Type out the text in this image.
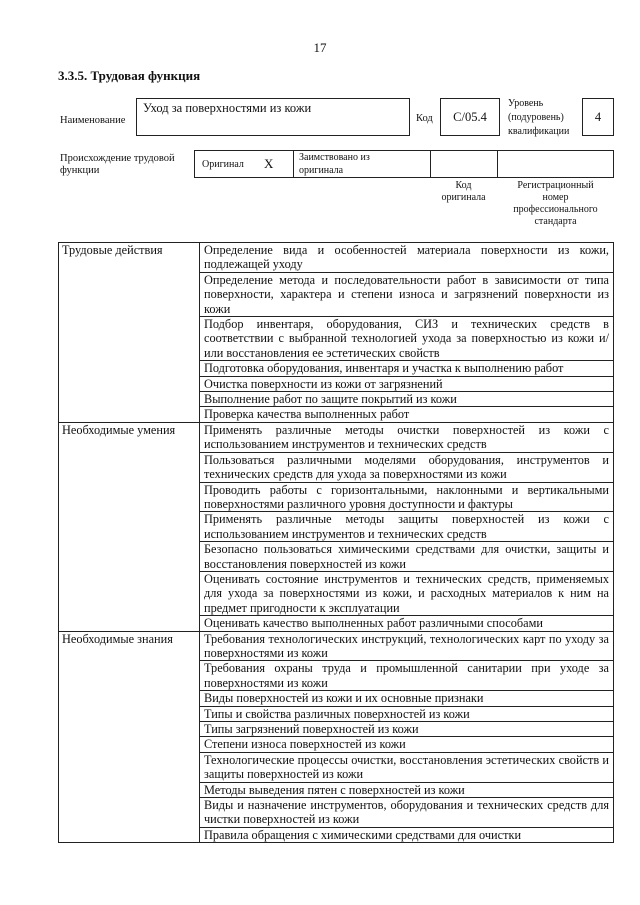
17
3.3.5. Трудовая функция
Наименование
Уход за поверхностями из кожи
Код	С/05.4
Уровень
(подуровень)
квалификации
4
Происхождение трудовой
функции
Оригинал X	Заимствовано из
оригинала
Код
оригинала
Регистрационный
номер
профессионального
стандарта
Трудовые действия	Определение вида и особенностей материала поверхности из кожи, подлежащей уходу
	Определение метода и последовательности работ в зависимости от типа поверхности, характера и степени износа и загрязнений поверхности из кожи
	Подбор инвентаря, оборудования, СИЗ и технических средств в соответствии с выбранной технологией ухода за поверхностью из кожи и/или восстановления ее эстетических свойств
	Подготовка оборудования, инвентаря и участка к выполнению работ
	Очистка поверхности из кожи от загрязнений
	Выполнение работ по защите покрытий из кожи
	Проверка качества выполненных работ
Необходимые умения	Применять различные методы очистки поверхностей из кожи с использованием инструментов и технических средств
	Пользоваться различными моделями оборудования, инструментов и технических средств для ухода за поверхностями из кожи
	Проводить работы с горизонтальными, наклонными и вертикальными поверхностями различного уровня доступности и фактуры
	Применять различные методы защиты поверхностей из кожи с использованием инструментов и технических средств
	Безопасно пользоваться химическими средствами для очистки, защиты и восстановления поверхностей из кожи
	Оценивать состояние инструментов и технических средств, применяемых для ухода за поверхностями из кожи, и расходных материалов к ним на предмет пригодности к эксплуатации
	Оценивать качество выполненных работ различными способами
Необходимые знания	Требования технологических инструкций, технологических карт по уходу за поверхностями из кожи
	Требования охраны труда и промышленной санитарии при уходе за поверхностями из кожи
	Виды поверхностей из кожи и их основные признаки
	Типы и свойства различных поверхностей из кожи
	Типы загрязнений поверхностей из кожи
	Степени износа поверхностей из кожи
	Технологические процессы очистки, восстановления эстетических свойств и защиты поверхностей из кожи
	Методы выведения пятен с поверхностей из кожи
	Виды и назначение инструментов, оборудования и технических средств для чистки поверхностей из кожи
	Правила обращения с химическими средствами для очистки
